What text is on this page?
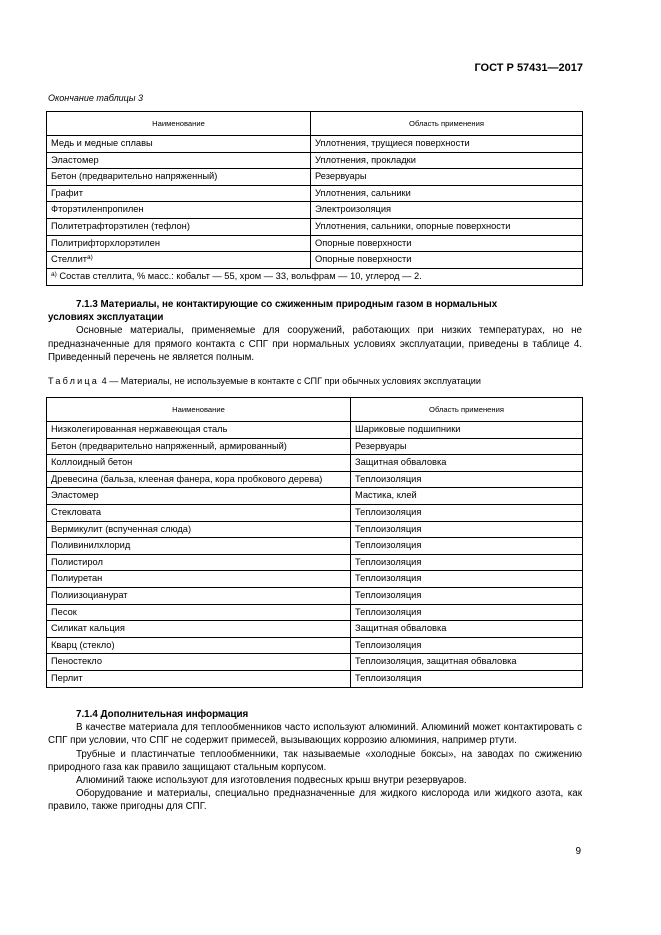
ГОСТ Р 57431—2017
Окончание таблицы 3
Наименование	Область применения
Медь и медные сплавы	Уплотнения, трущиеся поверхности
Эластомер	Уплотнения, прокладки
Бетон (предварительно напряженный)	Резервуары
Графит	Уплотнения, сальники
Фторэтиленпропилен	Электроизоляция
Политетрафторэтилен (тефлон)	Уплотнения, сальники, опорные поверхности
Политрифторхлорэтилен	Опорные поверхности
Стеллит$^{a)}$	Опорные поверхности
$^{a)}$ Состав стеллита, % масс.: кобальт — 55, хром — 33, вольфрам — 10, углерод — 2.	
7.1.3 Материалы, не контактирующие со сжиженным природным газом в нормальных
условиях эксплуатации
Основные материалы, применяемые для сооружений, работающих при низких температурах, но не предназначенные для прямого контакта с СПГ при нормальных условиях эксплуатации, приведены в таблице 4. Приведенный перечень не является полным.
Таблица 4 — Материалы, не используемые в контакте с СПГ при обычных условиях эксплуатации
Наименование	Область применения
Низколегированная нержавеющая сталь	Шариковые подшипники
Бетон (предварительно напряженный, армированный)	Резервуары
Коллоидный бетон	Защитная обваловка
Древесина (бальза, клееная фанера, кора пробкового дерева)	Теплоизоляция
Эластомер	Мастика, клей
Стекловата	Теплоизоляция
Вермикулит (вспученная слюда)	Теплоизоляция
Поливинилхлорид	Теплоизоляция
Полистирол	Теплоизоляция
Полиуретан	Теплоизоляция
Полиизоцианурат	Теплоизоляция
Песок	Теплоизоляция
Силикат кальция	Защитная обваловка
Кварц (стекло)	Теплоизоляция
Пеностекло	Теплоизоляция, защитная обваловка
Перлит	Теплоизоляция
7.1.4 Дополнительная информация
В качестве материала для теплообменников часто используют алюминий. Алюминий может контактировать с СПГ при условии, что СПГ не содержит примесей, вызывающих коррозию алюминия, например ртути.
Трубные и пластинчатые теплообменники, так называемые «холодные боксы», на заводах по сжижению природного газа как правило защищают стальным корпусом.
Алюминий также используют для изготовления подвесных крыш внутри резервуаров.
Оборудование и материалы, специально предназначенные для жидкого кислорода или жидкого азота, как правило, также пригодны для СПГ.
9
